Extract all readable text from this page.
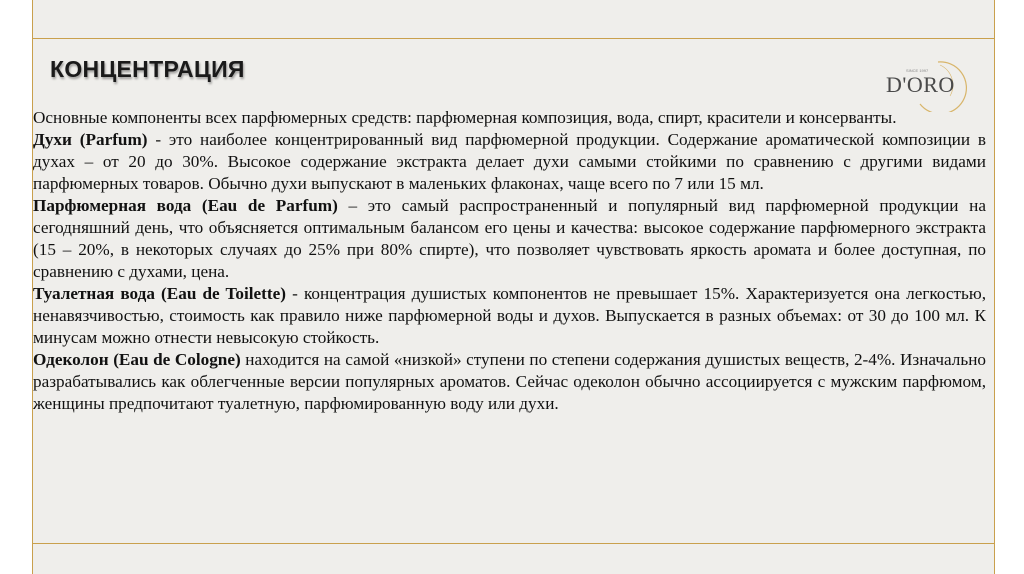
КОНЦЕНТРАЦИЯ	SINCE 1997
D'ORO

Основные компоненты всех парфюмерных средств: парфюмерная композиция, вода, спирт, красители и консерванты.

Духи (Parfum) - это наиболее концентрированный вид парфюмерной продукции. Содержание ароматической композиции в духах – от 20 до 30%. Высокое содержание экстракта делает духи самыми стойкими по сравнению с другими видами парфюмерных товаров. Обычно духи выпускают в маленьких флаконах, чаще всего по 7 или 15 мл.

Парфюмерная вода (Eau de Parfum) – это самый распространенный и популярный вид парфюмерной продукции на сегодняшний день, что объясняется оптимальным балансом его цены и качества: высокое содержание парфюмерного экстракта (15 – 20%, в некоторых случаях до 25% при 80% спирте), что позволяет чувствовать яркость аромата и более доступная, по сравнению с духами, цена.

Туалетная вода (Eau de Toilette) - концентрация душистых компонентов не превышает 15%. Характеризуется она легкостью, ненавязчивостью, стоимость как правило ниже парфюмерной воды и духов. Выпускается в разных объемах: от 30 до 100 мл. К минусам можно отнести невысокую стойкость.

Одеколон (Eau de Cologne) находится на самой «низкой» ступени по степени содержания душистых веществ, 2-4%. Изначально разрабатывались как облегченные версии популярных ароматов. Сейчас одеколон обычно ассоциируется с мужским парфюмом, женщины предпочитают туалетную, парфюмированную воду или духи.
